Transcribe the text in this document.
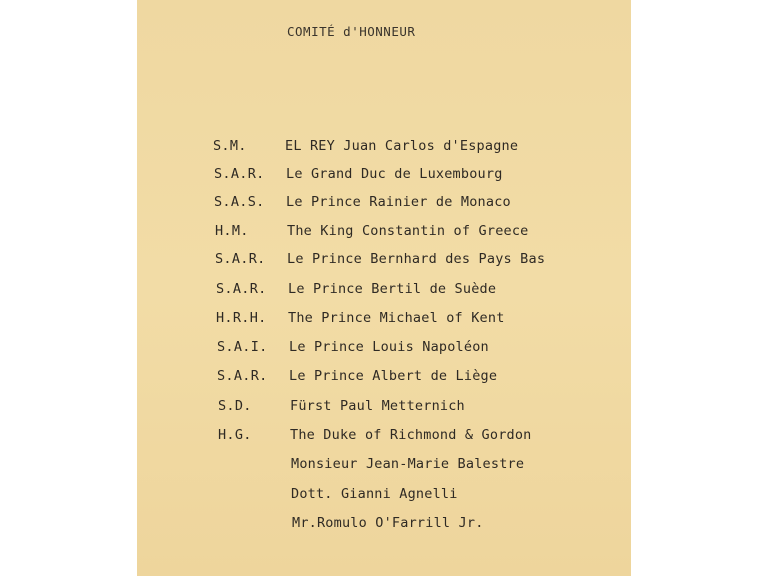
COMITÉ d'HONNEUR
S.M.	EL REY Juan Carlos d'Espagne
S.A.R. Le Grand Duc de Luxembourg
S.A.S. Le Prince Rainier de Monaco
H.M.	The King Constantin of Greece
S.A.R. Le Prince Bernhard des Pays Bas
S.A.R. Le Prince Bertil de Suède
H.R.H. The Prince Michael of Kent
S.A.I. Le Prince Louis Napoléon
S.A.R. Le Prince Albert de Liège
S.D.	Fürst Paul Metternich
H.G.	The Duke of Richmond & Gordon
Monsieur Jean-Marie Balestre
Dott. Gianni Agnelli
Mr.Romulo O'Farrill Jr.
